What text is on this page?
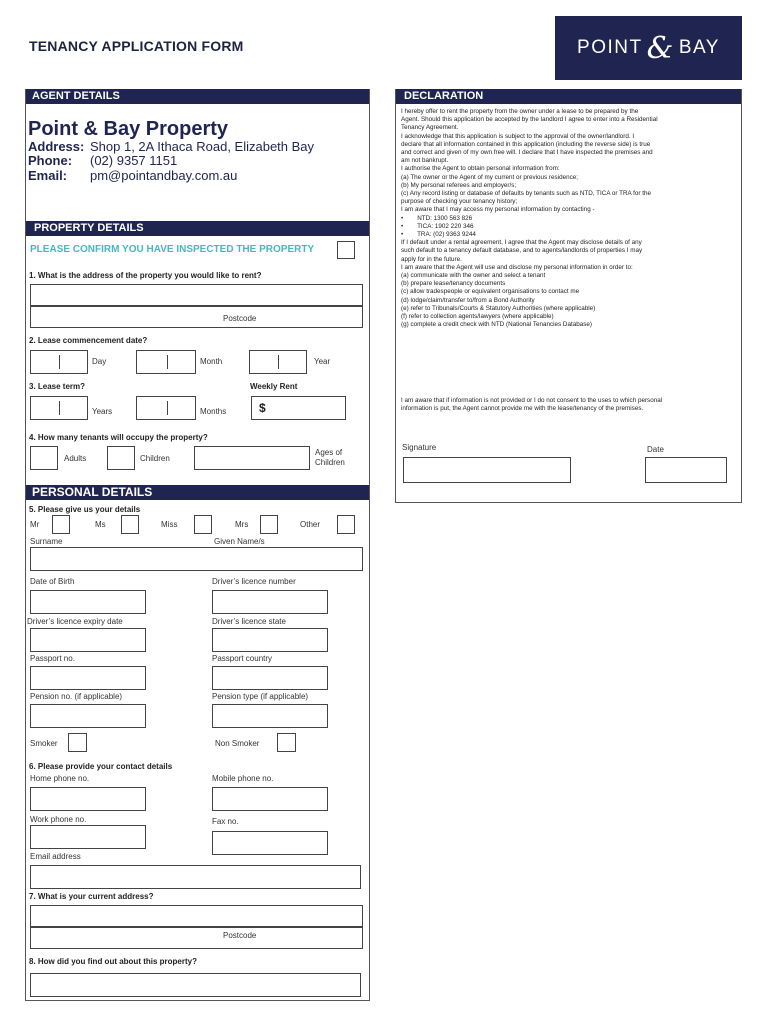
TENANCY APPLICATION FORM	POINT & BAY
AGENT DETAILS
Point & Bay Property
Address: Shop 1, 2A Ithaca Road, Elizabeth Bay
Phone: (02) 9357 1151
Email: pm@pointandbay.com.au
PROPERTY DETAILS
PLEASE CONFIRM YOU HAVE INSPECTED THE PROPERTY
1. What is the address of the property you would like to rent?
Postcode
2. Lease commencement date?
Day	Month	Year
3. Lease term?	Weekly Rent
Years	Months	$
4. How many tenants will occupy the property?
Adults	Children
Ages of
Children
PERSONAL DETAILS
5. Please give us your details
Mr	Ms	Miss	Mrs	Other
Surname	Given Name/s
Date of Birth	Driver’s licence number
Driver’s licence expiry date	Driver’s licence state
Passport no.	Passport country
Pension no. (if applicable)	Pension type (if applicable)
Smoker	Non Smoker
6. Please provide your contact details
Home phone no.	Mobile phone no.
Work phone no.	Fax no.
Email address
7. What is your current address?
Postcode
8. How did you find out about this property?
DECLARATION
I hereby offer to rent the property from the owner under a lease to be prepared by the
Agent. Should this application be accepted by the landlord I agree to enter into a Residential
Tenancy Agreement.
I acknowledge that this application is subject to the approval of the owner/landlord. I
declare that all information contained in this application (including the reverse side) is true
and correct and given of my own free will. I declare that I have inspected the premises and
am not bankrupt.
I authorise the Agent to obtain personal information from:
(a) The owner or the Agent of my current or previous residence;
(b) My personal referees and employer/s;
(c) Any record listing or database of defaults by tenants such as NTD, TICA or TRA for the
purpose of checking your tenancy history;
I am aware that I may access my personal information by contacting -
•        NTD: 1300 563 826
•        TICA: 1902 220 346
•        TRA: (02) 9363 9244
If I default under a rental agreement, I agree that the Agent may disclose details of any
such default to a tenancy default database, and to agents/landlords of properties I may
apply for in the future.
I am aware that the Agent will use and disclose my personal information in order to:
(a) communicate with the owner and select a tenant
(b) prepare lease/tenancy documents
(c) allow tradespeople or equivalent organisations to contact me
(d) lodge/claim/transfer to/from a Bond Authority
(e) refer to Tribunals/Courts & Statutory Authorities (where applicable)
(f) refer to collection agents/lawyers (where applicable)
(g) complete a credit check with NTD (National Tenancies Database)
I am aware that if information is not provided or I do not consent to the uses to which personal
information is put, the Agent cannot provide me with the lease/tenancy of the premises.
Signature	Date
